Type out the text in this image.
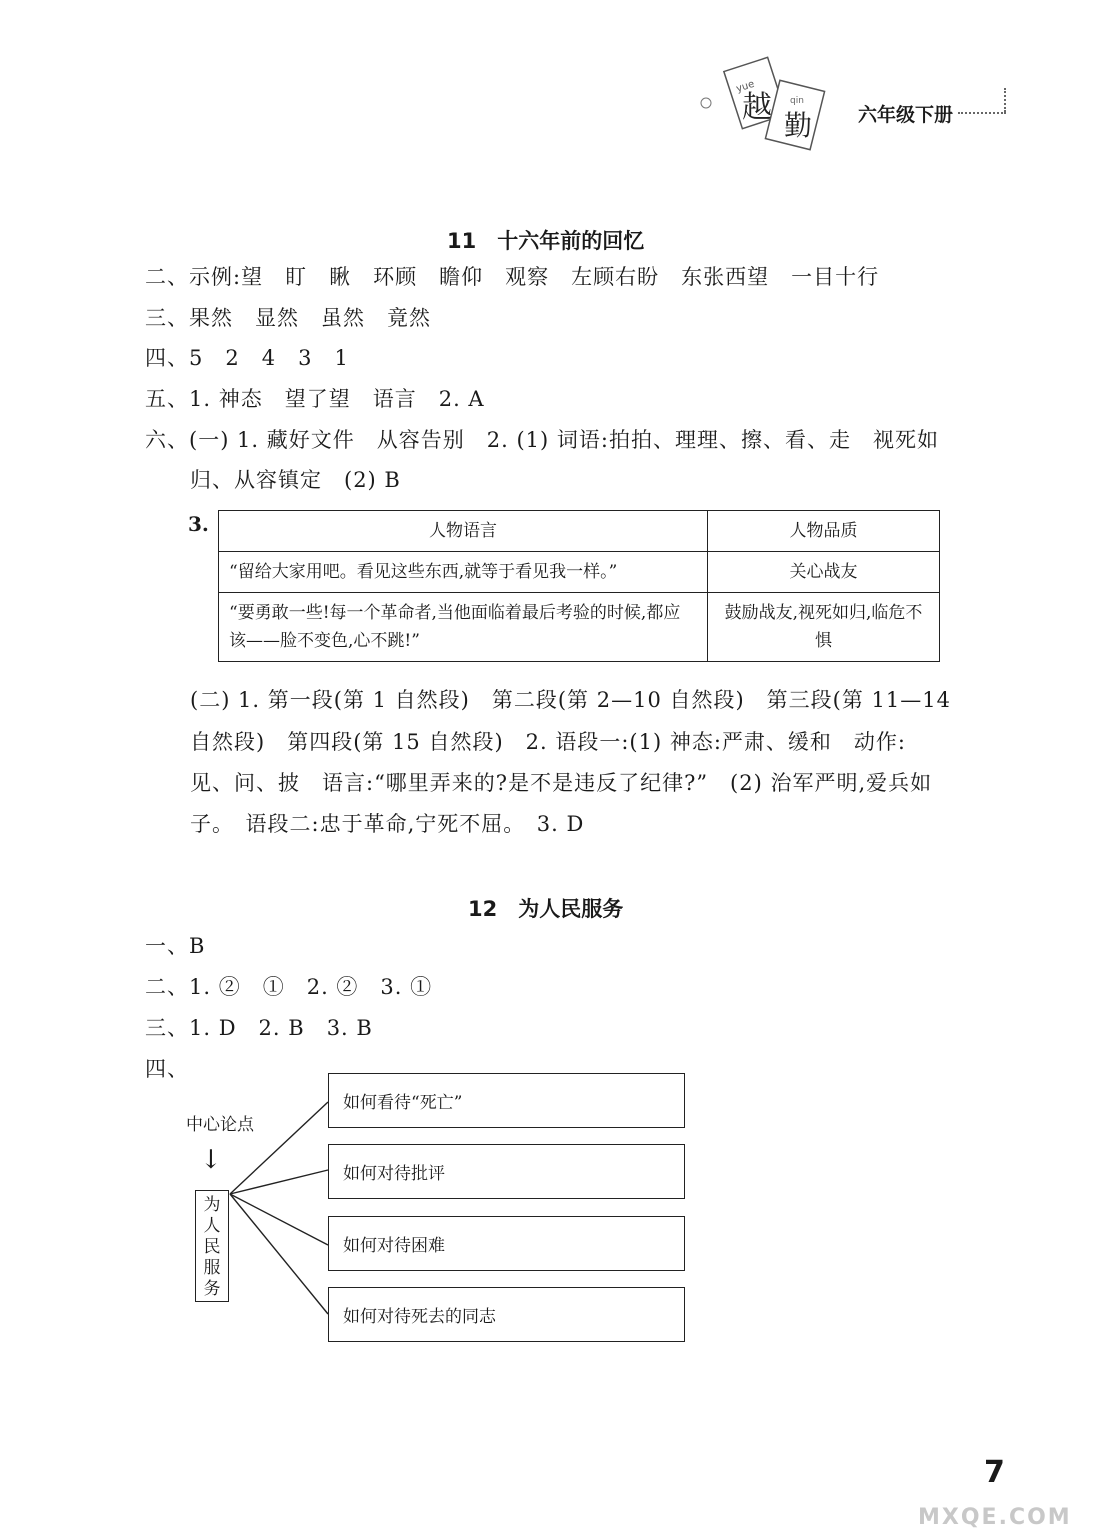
yue
越 qin
勤 六年级下册
11　十六年前的回忆
二、示例:望　盯　瞅　环顾　瞻仰　观察　左顾右盼　东张西望　一目十行
三、果然　显然　虽然　竟然
四、5　2　4　3　1
五、1. 神态　望了望　语言　2. A
六、(一) 1. 藏好文件　从容告别　2. (1) 词语:拍拍、理理、擦、看、走　视死如
归、从容镇定　(2) B
3.	人物语言	人物品质
“留给大家用吧。看见这些东西,就等于看见我一样。”	关心战友
“要勇敢一些!每一个革命者,当他面临着最后考验的时候,都应该——脸不变色,心不跳!”	鼓励战友,视死如归,临危不惧
(二) 1. 第一段(第 1 自然段)　第二段(第 2—10 自然段)　第三段(第 11—14
自然段)　第四段(第 15 自然段)　2. 语段一:(1) 神态:严肃、缓和　动作:
见、问、披　语言:“哪里弄来的?是不是违反了纪律?”　(2) 治军严明,爱兵如
子。　语段二:忠于革命,宁死不屈。　3. D
12　为人民服务
一、B
二、1. ②　①　2. ②　3. ①
三、1. D　2. B　3. B
四、
中心论点
↓
为人民服务
如何看待“死亡”
如何对待批评
如何对待困难
如何对待死去的同志
7
MXQE.COM
